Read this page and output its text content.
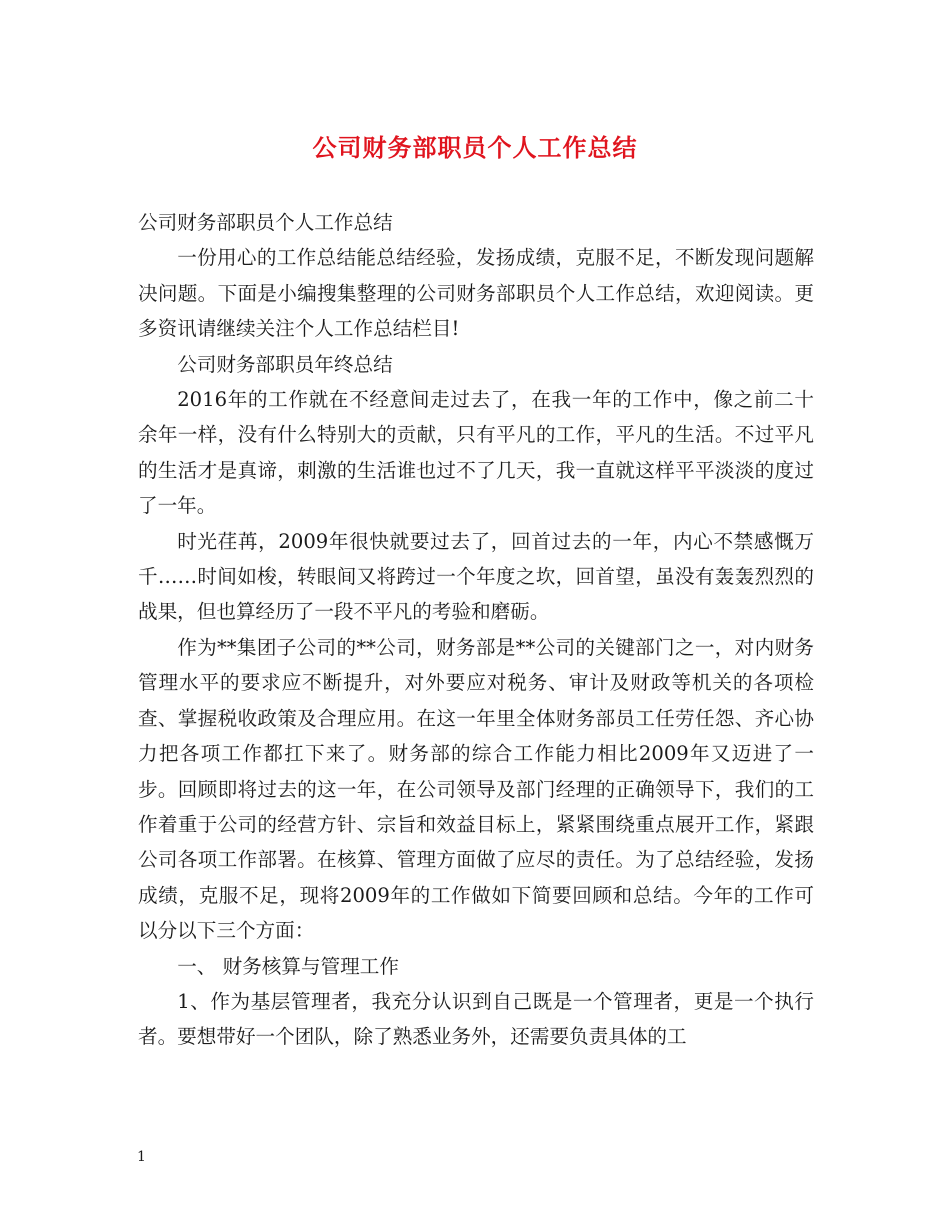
公司财务部职员个人工作总结

公司财务部职员个人工作总结

一份用心的工作总结能总结经验，发扬成绩，克服不足，不断发现问题解决问题。下面是小编搜集整理的公司财务部职员个人工作总结，欢迎阅读。更多资讯请继续关注个人工作总结栏目!

公司财务部职员年终总结

2016年的工作就在不经意间走过去了，在我一年的工作中，像之前二十余年一样，没有什么特别大的贡献，只有平凡的工作，平凡的生活。不过平凡的生活才是真谛，刺激的生活谁也过不了几天，我一直就这样平平淡淡的度过了一年。

时光荏苒，2009年很快就要过去了，回首过去的一年，内心不禁感慨万千……时间如梭，转眼间又将跨过一个年度之坎，回首望，虽没有轰轰烈烈的战果，但也算经历了一段不平凡的考验和磨砺。

作为**集团子公司的**公司，财务部是**公司的关键部门之一，对内财务管理水平的要求应不断提升，对外要应对税务、审计及财政等机关的各项检查、掌握税收政策及合理应用。在这一年里全体财务部员工任劳任怨、齐心协力把各项工作都扛下来了。财务部的综合工作能力相比2009年又迈进了一步。回顾即将过去的这一年，在公司领导及部门经理的正确领导下，我们的工作着重于公司的经营方针、宗旨和效益目标上，紧紧围绕重点展开工作，紧跟公司各项工作部署。在核算、管理方面做了应尽的责任。为了总结经验，发扬成绩，克服不足，现将2009年的工作做如下简要回顾和总结。今年的工作可以分以下三个方面：

一、 财务核算与管理工作

1、作为基层管理者，我充分认识到自己既是一个管理者，更是一个执行者。要想带好一个团队，除了熟悉业务外，还需要负责具体的工

1
